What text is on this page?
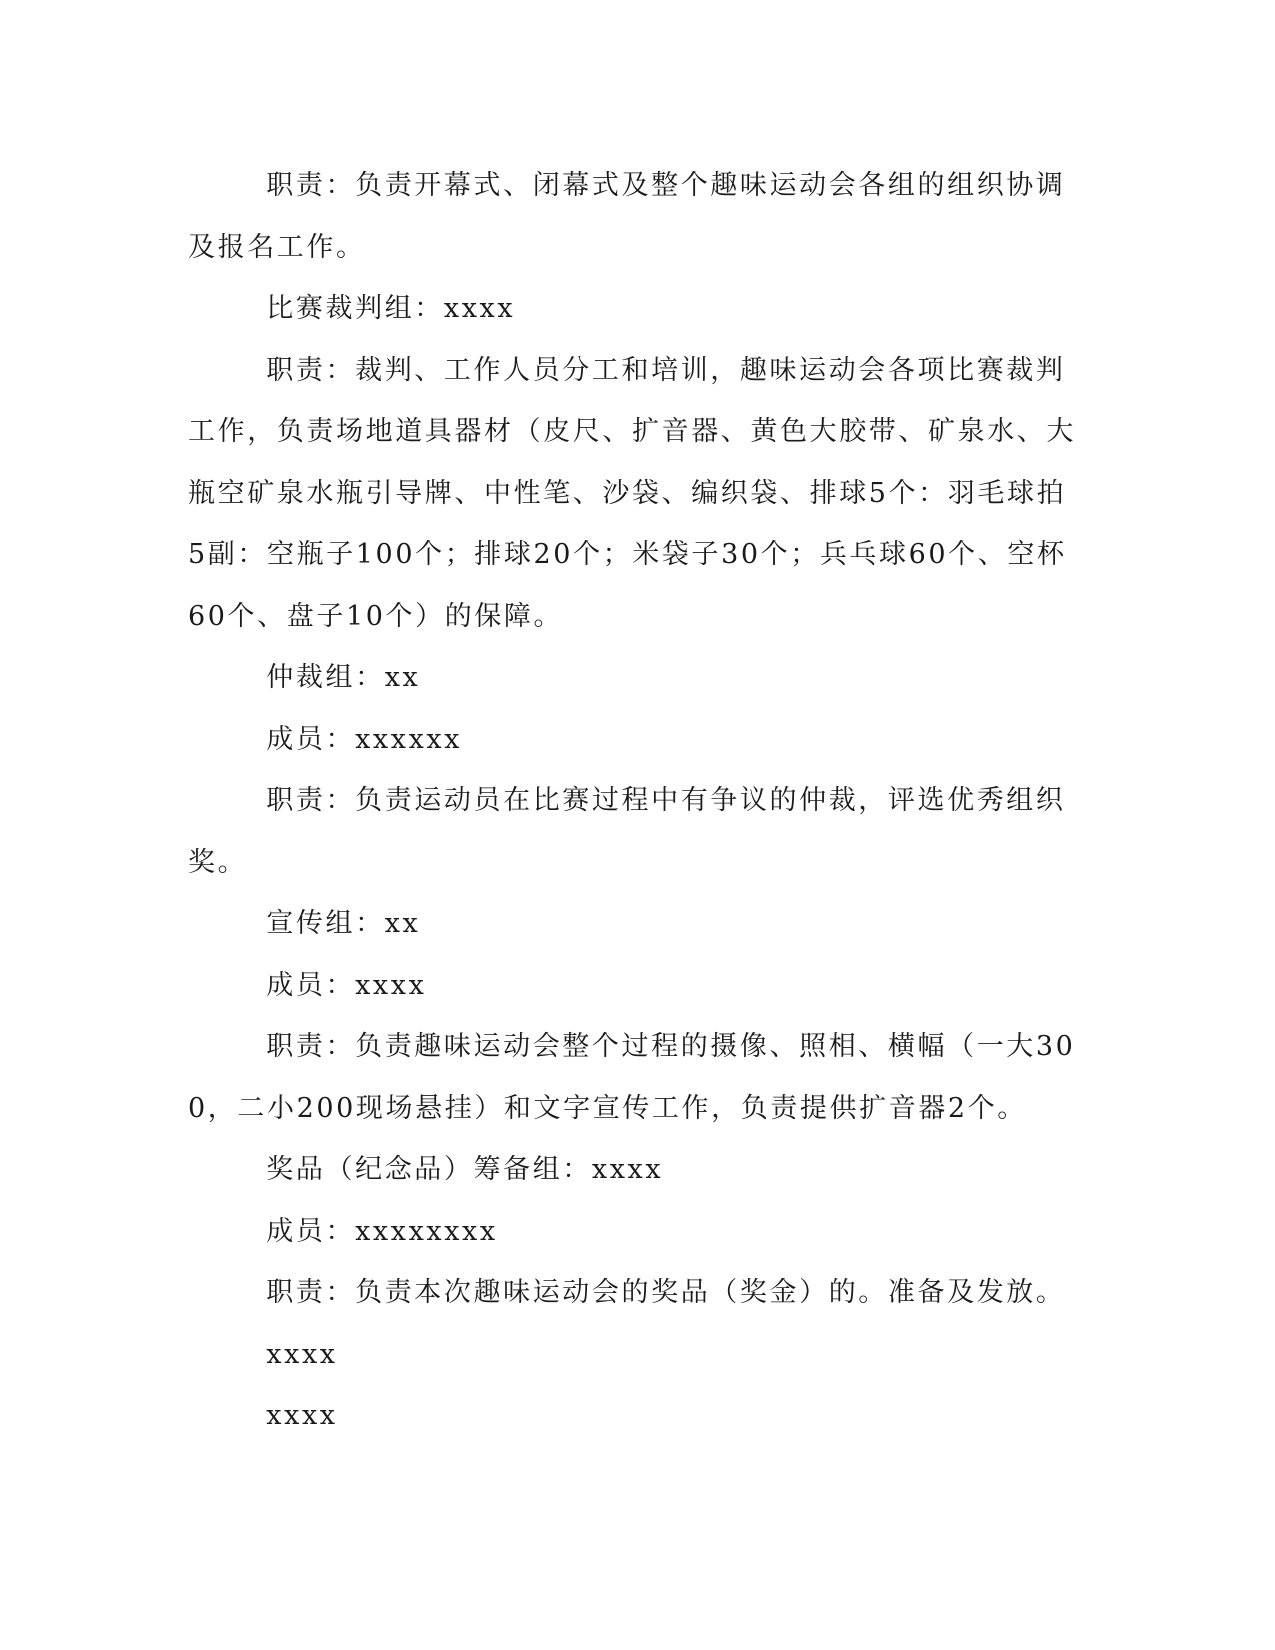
职责：负责开幕式、闭幕式及整个趣味运动会各组的组织协调及报名工作。

比赛裁判组：xxxx

职责：裁判、工作人员分工和培训，趣味运动会各项比赛裁判工作，负责场地道具器材（皮尺、扩音器、黄色大胶带、矿泉水、大瓶空矿泉水瓶引导牌、中性笔、沙袋、编织袋、排球5个：羽毛球拍5副：空瓶子100个；排球20个；米袋子30个；兵乓球60个、空杯60个、盘子10个）的保障。

仲裁组：xx

成员：xxxxxx

职责：负责运动员在比赛过程中有争议的仲裁，评选优秀组织奖。

宣传组：xx

成员：xxxx

职责：负责趣味运动会整个过程的摄像、照相、横幅（一大300，二小200现场悬挂）和文字宣传工作，负责提供扩音器2个。

奖品（纪念品）筹备组：xxxx

成员：xxxxxxxx

职责：负责本次趣味运动会的奖品（奖金）的。准备及发放。

xxxx

xxxx
